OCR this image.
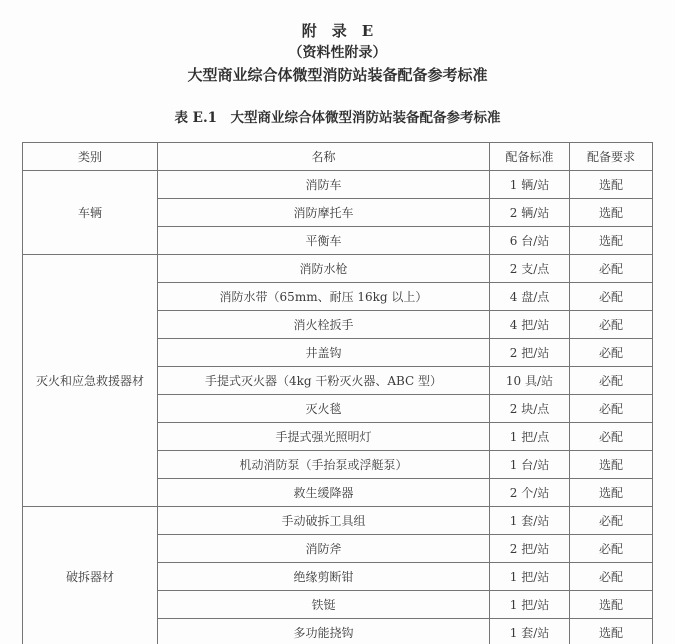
附　录　E
（资料性附录）
大型商业综合体微型消防站装备配备参考标准
表 E.1　大型商业综合体微型消防站装备配备参考标准
类别	名称	配备标准	配备要求
车辆	消防车	1 辆/站	选配
	消防摩托车	2 辆/站	选配
	平衡车	6 台/站	选配
灭火和应急救援器材	消防水枪	2 支/点	必配
	消防水带（65mm、耐压 16kg 以上）	4 盘/点	必配
	消火栓扳手	4 把/站	必配
	井盖钩	2 把/站	必配
	手提式灭火器（4kg 干粉灭火器、ABC 型）	10 具/站	必配
	灭火毯	2 块/点	必配
	手提式强光照明灯	1 把/点	必配
	机动消防泵（手抬泵或浮艇泵）	1 台/站	选配
	救生缓降器	2 个/站	选配
破拆器材	手动破拆工具组	1 套/站	必配
	消防斧	2 把/站	必配
	绝缘剪断钳	1 把/站	必配
	铁铤	1 把/站	选配
	多功能挠钩	1 套/站	选配
